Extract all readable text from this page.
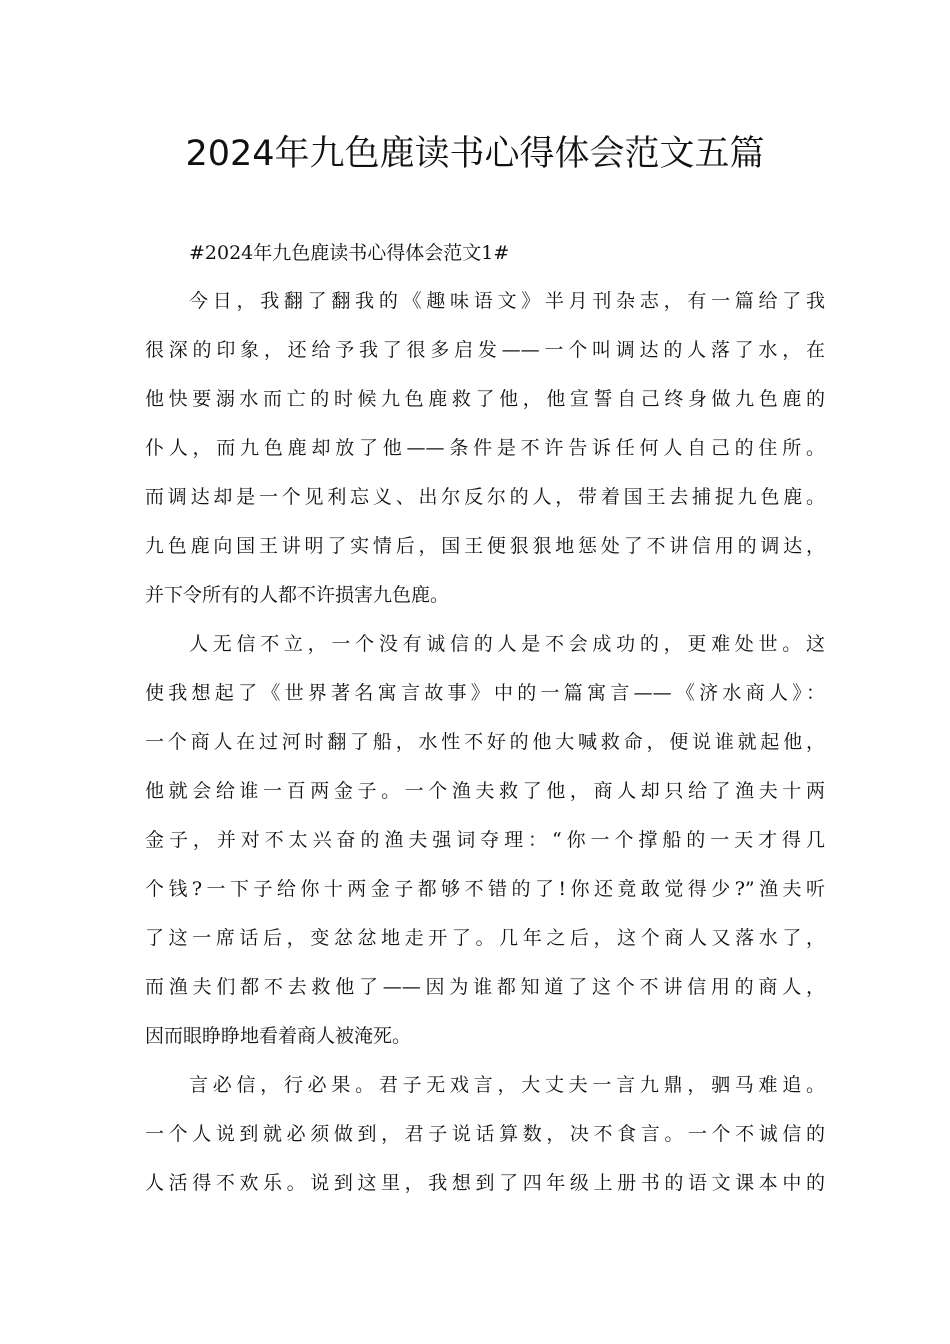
2024年九色鹿读书心得体会范文五篇

#2024年九色鹿读书心得体会范文1#

今日，我翻了翻我的《趣味语文》半月刊杂志，有一篇给了我
很深的印象，还给予我了很多启发——一个叫调达的人落了水，在
他快要溺水而亡的时候九色鹿救了他，他宣誓自己终身做九色鹿的
仆人，而九色鹿却放了他——条件是不许告诉任何人自己的住所。
而调达却是一个见利忘义、出尔反尔的人，带着国王去捕捉九色鹿。
九色鹿向国王讲明了实情后，国王便狠狠地惩处了不讲信用的调达，
并下令所有的人都不许损害九色鹿。
人无信不立，一个没有诚信的人是不会成功的，更难处世。这
使我想起了《世界著名寓言故事》中的一篇寓言——《济水商人》：
一个商人在过河时翻了船，水性不好的他大喊救命，便说谁就起他，
他就会给谁一百两金子。一个渔夫救了他，商人却只给了渔夫十两
金子，并对不太兴奋的渔夫强词夺理：“你一个撑船的一天才得几
个钱?一下子给你十两金子都够不错的了!你还竟敢觉得少?”渔夫听
了这一席话后，变忿忿地走开了。几年之后，这个商人又落水了，
而渔夫们都不去救他了——因为谁都知道了这个不讲信用的商人，
因而眼睁睁地看着商人被淹死。
言必信，行必果。君子无戏言，大丈夫一言九鼎，驷马难追。
一个人说到就必须做到，君子说话算数，决不食言。一个不诚信的
人活得不欢乐。说到这里，我想到了四年级上册书的语文课本中的
